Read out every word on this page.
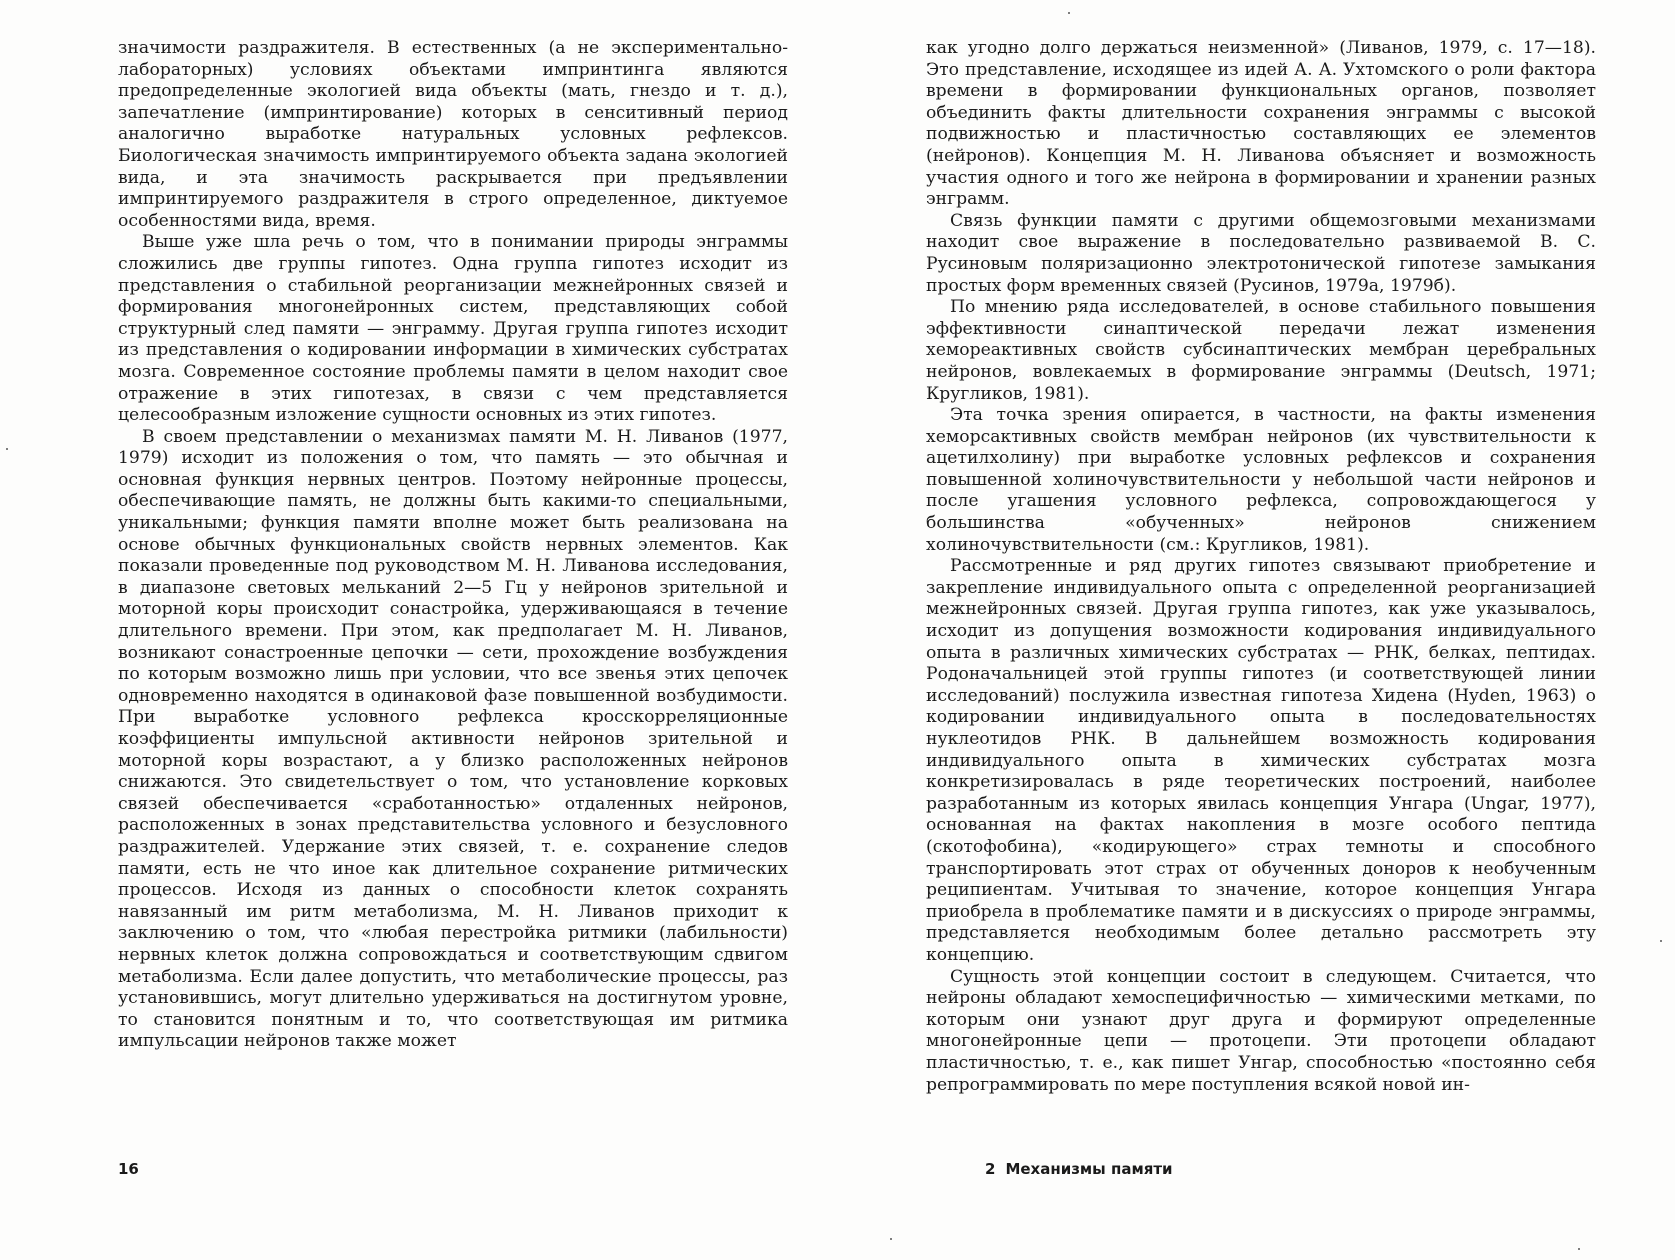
значимости раздражителя. В естественных (а не экспериментально-лабораторных) условиях объектами импринтинга являются предопределенные экологией вида объекты (мать, гнездо и т. д.), запечатление (импринтирование) которых в сенситивный период аналогично выработке натуральных условных рефлексов. Биологическая значимость импринтируемого объекта задана экологией вида, и эта значимость раскрывается при предъявлении импринтируемого раздражителя в строго определенное, диктуемое особенностями вида, время.

Выше уже шла речь о том, что в понимании природы энграммы сложились две группы гипотез. Одна группа гипотез исходит из представления о стабильной реорганизации межнейронных связей и формирования многонейронных систем, представляющих собой структурный след памяти — энграмму. Другая группа гипотез исходит из представления о кодировании информации в химических субстратах мозга. Современное состояние проблемы памяти в целом находит свое отражение в этих гипотезах, в связи с чем представляется целесообразным изложение сущности основных из этих гипотез.

В своем представлении о механизмах памяти М. Н. Ливанов (1977, 1979) исходит из положения о том, что память — это обычная и основная функция нервных центров. Поэтому нейронные процессы, обеспечивающие память, не должны быть какими-то специальными, уникальными; функция памяти вполне может быть реализована на основе обычных функциональных свойств нервных элементов. Как показали проведенные под руководством М. Н. Ливанова исследования, в диапазоне световых мельканий 2—5 Гц у нейронов зрительной и моторной коры происходит сонастройка, удерживающаяся в течение длительного времени. При этом, как предполагает М. Н. Ливанов, возникают сонастроенные цепочки — сети, прохождение возбуждения по которым возможно лишь при условии, что все звенья этих цепочек одновременно находятся в одинаковой фазе повышенной возбудимости. При выработке условного рефлекса кросскорреляционные коэффициенты импульсной активности нейронов зрительной и моторной коры возрастают, а у близко расположенных нейронов снижаются. Это свидетельствует о том, что установление корковых связей обеспечивается «сработанностью» отдаленных нейронов, расположенных в зонах представительства условного и безусловного раздражителей. Удержание этих связей, т. е. сохранение следов памяти, есть не что иное как длительное сохранение ритмических процессов. Исходя из данных о способности клеток сохранять навязанный им ритм метаболизма, М. Н. Ливанов приходит к заключению о том, что «любая перестройка ритмики (лабильности) нервных клеток должна сопровождаться и соответствующим сдвигом метаболизма. Если далее допустить, что метаболические процессы, раз установившись, могут длительно удерживаться на достигнутом уровне, то становится понятным и то, что соответствующая им ритмика импульсации нейронов также может

16

как угодно долго держаться неизменной» (Ливанов, 1979, с. 17—18). Это представление, исходящее из идей А. А. Ухтомского о роли фактора времени в формировании функциональных органов, позволяет объединить факты длительности сохранения энграммы с высокой подвижностью и пластичностью составляющих ее элементов (нейронов). Концепция М. Н. Ливанова объясняет и возможность участия одного и того же нейрона в формировании и хранении разных энграмм.

Связь функции памяти с другими общемозговыми механизмами находит свое выражение в последовательно развиваемой В. С. Русиновым поляризационно электротонической гипотезе замыкания простых форм временных связей (Русинов, 1979а, 1979б).

По мнению ряда исследователей, в основе стабильного повышения эффективности синаптической передачи лежат изменения хемореактивных свойств субсинаптических мембран церебральных нейронов, вовлекаемых в формирование энграммы (Deutsch, 1971; Кругликов, 1981).

Эта точка зрения опирается, в частности, на факты изменения хеморсактивных свойств мембран нейронов (их чувствительности к ацетилхолину) при выработке условных рефлексов и сохранения повышенной холиночувствительности у небольшой части нейронов и после угашения условного рефлекса, сопровождающегося у большинства «обученных» нейронов снижением холиночувствительности (см.: Кругликов, 1981).

Рассмотренные и ряд других гипотез связывают приобретение и закрепление индивидуального опыта с определенной реорганизацией межнейронных связей. Другая группа гипотез, как уже указывалось, исходит из допущения возможности кодирования индивидуального опыта в различных химических субстратах — РНК, белках, пептидах. Родоначальницей этой группы гипотез (и соответствующей линии исследований) послужила известная гипотеза Хидена (Hyden, 1963) о кодировании индивидуального опыта в последовательностях нуклеотидов РНК. В дальнейшем возможность кодирования индивидуального опыта в химических субстратах мозга конкретизировалась в ряде теоретических построений, наиболее разработанным из которых явилась концепция Унгара (Ungar, 1977), основанная на фактах накопления в мозге особого пептида (скотофобина), «кодирующего» страх темноты и способного транспортировать этот страх от обученных доноров к необученным реципиентам. Учитывая то значение, которое концепция Унгара приобрела в проблематике памяти и в дискуссиях о природе энграммы, представляется необходимым более детально рассмотреть эту концепцию.

Сущность этой концепции состоит в следующем. Считается, что нейроны обладают хемоспецифичностью — химическими метками, по которым они узнают друг друга и формируют определенные многонейронные цепи — протоцепи. Эти протоцепи обладают пластичностью, т. е., как пишет Унгар, способностью «постоянно себя репрограммировать по мере поступления всякой новой ин-

2 Механизмы памяти
